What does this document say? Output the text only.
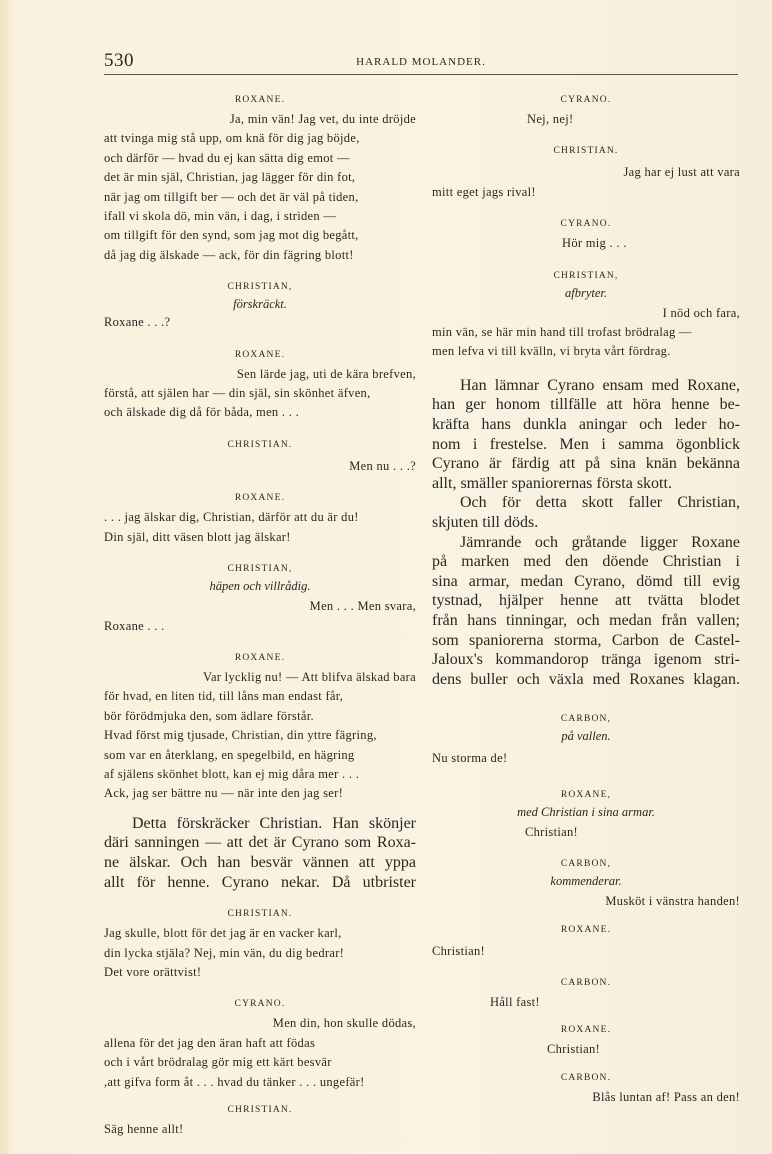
530	HARALD MOLANDER.

ROXANE.

Ja, min vän! Jag vet, du inte dröjde
att tvinga mig stå upp, om knä för dig jag böjde,
och därför — hvad du ej kan sätta dig emot —
det är min själ, Christian, jag lägger för din fot,
när jag om tillgift ber — och det är väl på tiden,
ifall vi skola dö, min vän, i dag, i striden —
om tillgift för den synd, som jag mot dig begått,
då jag dig älskade — ack, för din fägring blott!

CHRISTIAN,

förskräckt.

Roxane . . .?

ROXANE.

Sen lärde jag, uti de kära brefven,
förstå, att själen har — din själ, sin skönhet äfven,
och älskade dig då för båda, men . . .

CHRISTIAN.

Men nu . . .?

ROXANE.

. . . jag älskar dig, Christian, därför att du är du!
Din själ, ditt väsen blott jag älskar!

CHRISTIAN,

häpen och villrådig.

Men . . . Men svara,
Roxane . . .

ROXANE.

Var lycklig nu! — Att blifva älskad bara
för hvad, en liten tid, till låns man endast får,
bör förödmjuka den, som ädlare förstår.
Hvad först mig tjusade, Christian, din yttre fägring,
som var en återklang, en spegelbild, en hägring
af själens skönhet blott, kan ej mig dåra mer . . .
Ack, jag ser bättre nu — när inte den jag ser!
Detta förskräcker Christian. Han skönjer
däri sanningen — att det är Cyrano som Roxa-
ne älskar. Och han besvär vännen att yppa
allt för henne. Cyrano nekar. Då utbrister

CHRISTIAN.

Jag skulle, blott för det jag är en vacker karl,
din lycka stjäla? Nej, min vän, du dig bedrar!
Det vore orättvist!

CYRANO.

Men din, hon skulle dödas,
allena för det jag den äran haft att födas
och i vårt brödralag gör mig ett kärt besvär
,att gifva form åt . . . hvad du tänker . . . ungefär!

CHRISTIAN.

Säg henne allt!

CYRANO.

Nej, nej!

CHRISTIAN.

Jag har ej lust att vara
mitt eget jags rival!

CYRANO.

Hör mig . . .

CHRISTIAN,

afbryter.

I nöd och fara,
min vän, se här min hand till trofast brödralag —
men lefva vi till kvälln, vi bryta vårt fördrag.
Han lämnar Cyrano ensam med Roxane,
han ger honom tillfälle att höra henne be-
kräfta hans dunkla aningar och leder ho-
nom i frestelse. Men i samma ögonblick
Cyrano är färdig att på sina knän bekänna
allt, smäller spaniorernas första skott.
Och för detta skott faller Christian,
skjuten till döds.
Jämrande och gråtande ligger Roxane
på marken med den döende Christian i
sina armar, medan Cyrano, dömd till evig
tystnad, hjälper henne att tvätta blodet
från hans tinningar, och medan från vallen;
som spaniorerna storma, Carbon de Castel-
Jaloux's kommandorop tränga igenom stri-
dens buller och växla med Roxanes klagan.

CARBON,

på vallen.

Nu storma de!

ROXANE,

med Christian i sina armar.

Christian!

CARBON,

kommenderar.

Musköt i vänstra handen!

ROXANE.

Christian!

CARBON.

Håll fast!

ROXANE.

Christian!

CARBON.

Blås luntan af! Pass an den!
